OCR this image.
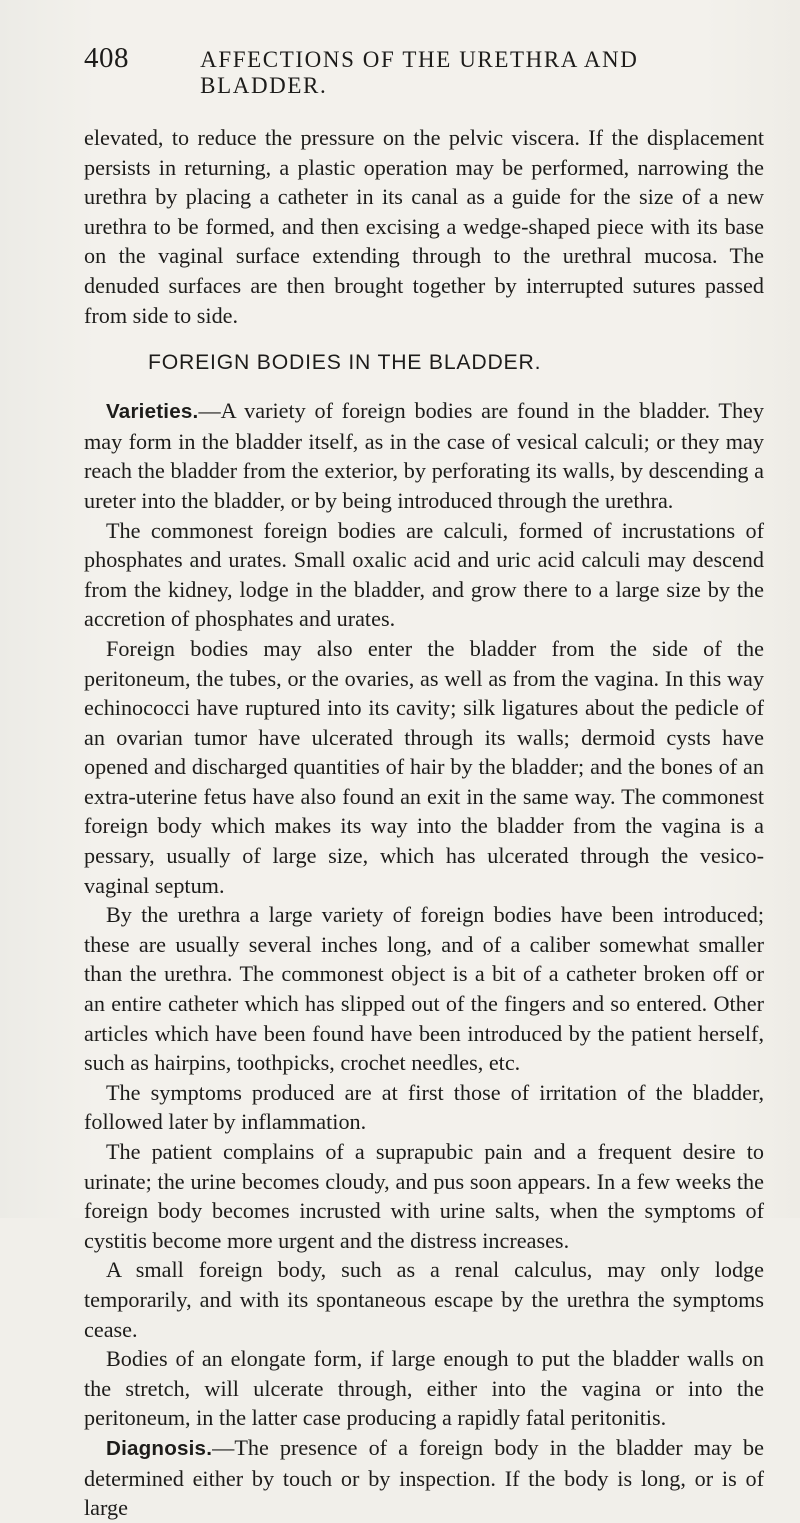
408	AFFECTIONS OF THE URETHRA AND BLADDER.

elevated, to reduce the pressure on the pelvic viscera. If the displacement persists in returning, a plastic operation may be performed, narrowing the urethra by placing a catheter in its canal as a guide for the size of a new urethra to be formed, and then excising a wedge-shaped piece with its base on the vaginal surface extending through to the urethral mucosa. The denuded surfaces are then brought together by interrupted sutures passed from side to side.

FOREIGN BODIES IN THE BLADDER.

Varieties.—A variety of foreign bodies are found in the bladder. They may form in the bladder itself, as in the case of vesical calculi; or they may reach the bladder from the exterior, by perforating its walls, by descending a ureter into the bladder, or by being introduced through the urethra.

The commonest foreign bodies are calculi, formed of incrustations of phosphates and urates. Small oxalic acid and uric acid calculi may descend from the kidney, lodge in the bladder, and grow there to a large size by the accretion of phosphates and urates.

Foreign bodies may also enter the bladder from the side of the peritoneum, the tubes, or the ovaries, as well as from the vagina. In this way echinococci have ruptured into its cavity; silk ligatures about the pedicle of an ovarian tumor have ulcerated through its walls; dermoid cysts have opened and discharged quantities of hair by the bladder; and the bones of an extra-uterine fetus have also found an exit in the same way. The commonest foreign body which makes its way into the bladder from the vagina is a pessary, usually of large size, which has ulcerated through the vesico-vaginal septum.

By the urethra a large variety of foreign bodies have been introduced; these are usually several inches long, and of a caliber somewhat smaller than the urethra. The commonest object is a bit of a catheter broken off or an entire catheter which has slipped out of the fingers and so entered. Other articles which have been found have been introduced by the patient herself, such as hairpins, toothpicks, crochet needles, etc.

The symptoms produced are at first those of irritation of the bladder, followed later by inflammation.

The patient complains of a suprapubic pain and a frequent desire to urinate; the urine becomes cloudy, and pus soon appears. In a few weeks the foreign body becomes incrusted with urine salts, when the symptoms of cystitis become more urgent and the distress increases.

A small foreign body, such as a renal calculus, may only lodge temporarily, and with its spontaneous escape by the urethra the symptoms cease.

Bodies of an elongate form, if large enough to put the bladder walls on the stretch, will ulcerate through, either into the vagina or into the peritoneum, in the latter case producing a rapidly fatal peritonitis.

Diagnosis.—The presence of a foreign body in the bladder may be determined either by touch or by inspection. If the body is long, or is of large
